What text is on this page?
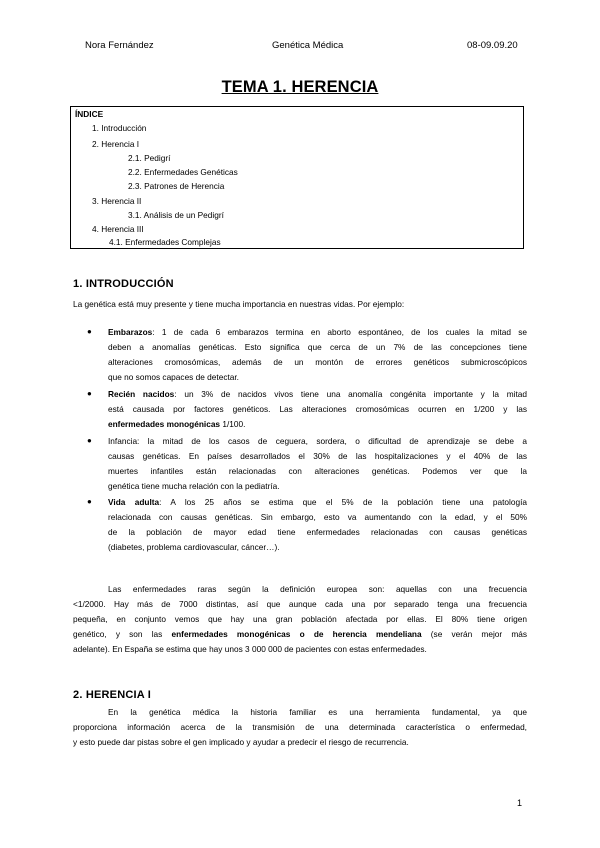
Nora Fernández	Genética Médica	08-09.09.20
TEMA 1. HERENCIA
ÍNDICE
1. Introducción
2. Herencia I
2.1. Pedigrí
2.2. Enfermedades Genéticas
2.3. Patrones de Herencia
3. Herencia II
3.1. Análisis de un Pedigrí
4. Herencia III
4.1. Enfermedades Complejas
1. INTRODUCCIÓN
La genética está muy presente y tiene mucha importancia en nuestras vidas. Por ejemplo:
● Embarazos: 1 de cada 6 embarazos termina en aborto espontáneo, de los cuales la mitad se
deben a anomalías genéticas. Esto significa que cerca de un 7% de las concepciones tiene
alteraciones cromosómicas, además de un montón de errores genéticos submicroscópicos
que no somos capaces de detectar.
● Recién nacidos: un 3% de nacidos vivos tiene una anomalía congénita importante y la mitad
está causada por factores genéticos. Las alteraciones cromosómicas ocurren en 1/200 y las
enfermedades monogénicas 1/100.
● Infancia: la mitad de los casos de ceguera, sordera, o dificultad de aprendizaje se debe a
causas genéticas. En países desarrollados el 30% de las hospitalizaciones y el 40% de las
muertes infantiles están relacionadas con alteraciones genéticas. Podemos ver que la
genética tiene mucha relación con la pediatría.
● Vida adulta: A los 25 años se estima que el 5% de la población tiene una patología
relacionada con causas genéticas. Sin embargo, esto va aumentando con la edad, y el 50%
de la población de mayor edad tiene enfermedades relacionadas con causas genéticas
(diabetes, problema cardiovascular, cáncer…).
Las enfermedades raras según la definición europea son: aquellas con una frecuencia
<1/2000. Hay más de 7000 distintas, así que aunque cada una por separado tenga una frecuencia
pequeña, en conjunto vemos que hay una gran población afectada por ellas. El 80% tiene origen
genético, y son las enfermedades monogénicas o de herencia mendeliana (se verán mejor más
adelante). En España se estima que hay unos 3 000 000 de pacientes con estas enfermedades.
2. HERENCIA I
En la genética médica la historia familiar es una herramienta fundamental, ya que
proporciona información acerca de la transmisión de una determinada característica o enfermedad,
y esto puede dar pistas sobre el gen implicado y ayudar a predecir el riesgo de recurrencia.
1
